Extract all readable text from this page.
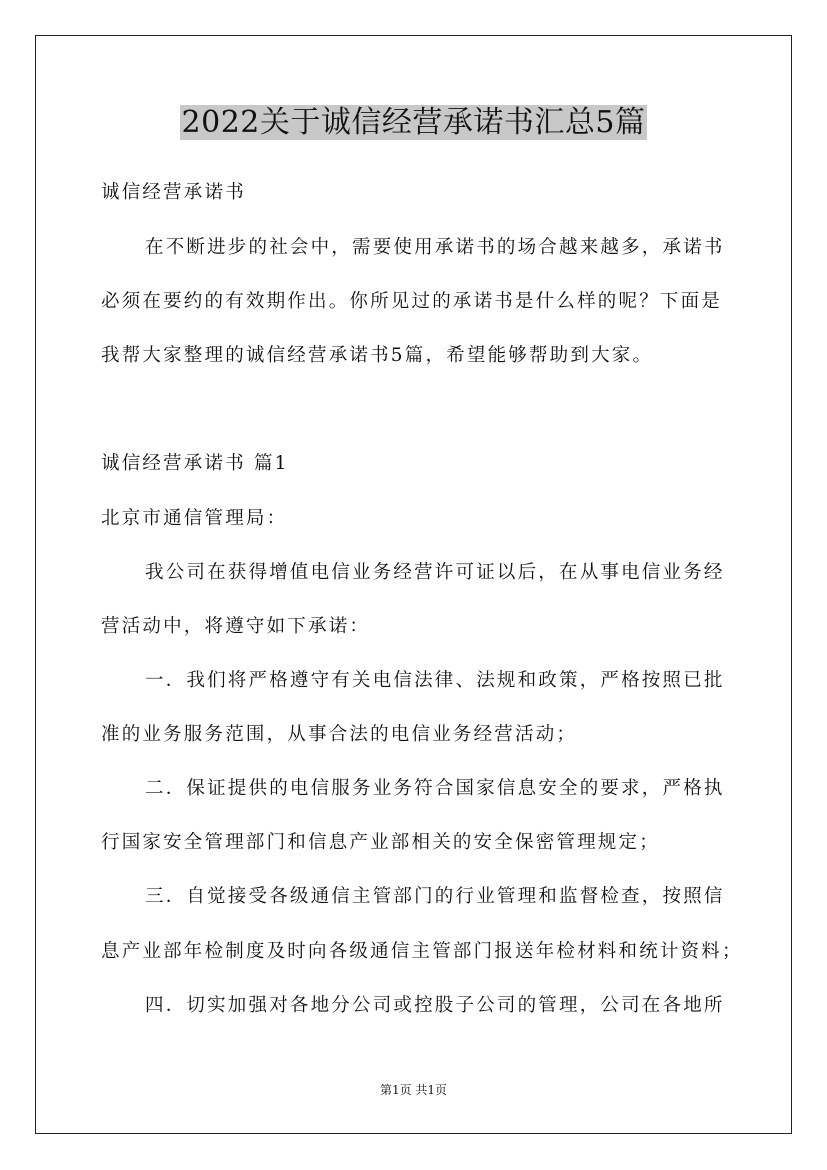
2022关于诚信经营承诺书汇总5篇
诚信经营承诺书
在不断进步的社会中，需要使用承诺书的场合越来越多，承诺书
必须在要约的有效期作出。你所见过的承诺书是什么样的呢？下面是
我帮大家整理的诚信经营承诺书5篇，希望能够帮助到大家。
诚信经营承诺书 篇1
北京市通信管理局：
我公司在获得增值电信业务经营许可证以后，在从事电信业务经
营活动中，将遵守如下承诺：
一．我们将严格遵守有关电信法律、法规和政策，严格按照已批
准的业务服务范围，从事合法的电信业务经营活动；
二．保证提供的电信服务业务符合国家信息安全的要求，严格执
行国家安全管理部门和信息产业部相关的安全保密管理规定；
三．自觉接受各级通信主管部门的行业管理和监督检查，按照信
息产业部年检制度及时向各级通信主管部门报送年检材料和统计资料；
四．切实加强对各地分公司或控股子公司的管理，公司在各地所
第1页 共1页
